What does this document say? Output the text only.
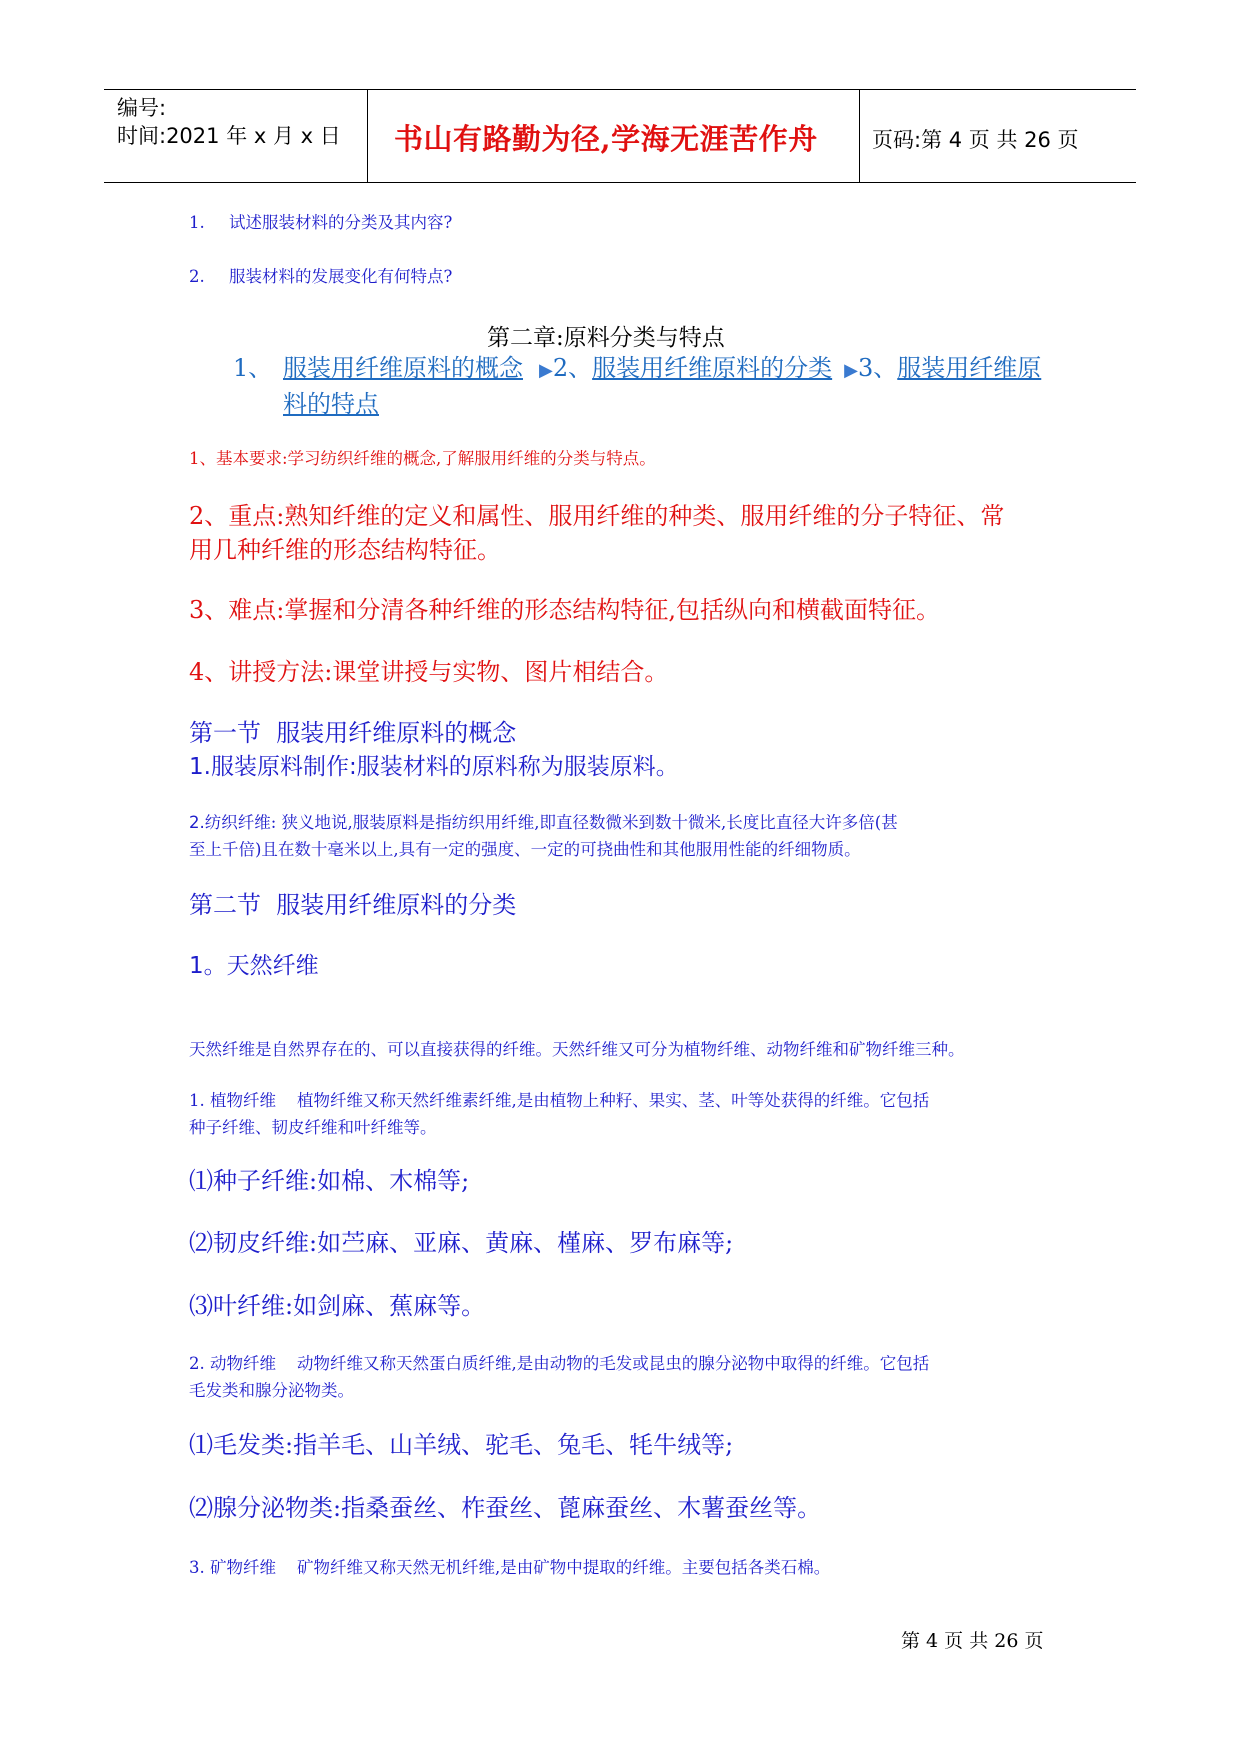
编号:
时间:2021 年 x 月 x 日 书山有路勤为径,学海无涯苦作舟	页码:第 4 页 共 26 页
1. 试述服装材料的分类及其内容?
2. 服装材料的发展变化有何特点?
第二章:原料分类与特点
1、 服装用纤维原料的概念 ▶2、服装用纤维原料的分类 ▶3、服装用纤维原
料的特点
1、基本要求:学习纺织纤维的概念,了解服用纤维的分类与特点。
2、重点:熟知纤维的定义和属性、服用纤维的种类、服用纤维的分子特征、常
用几种纤维的形态结构特征。
3、难点:掌握和分清各种纤维的形态结构特征,包括纵向和横截面特征。
4、讲授方法:课堂讲授与实物、图片相结合。
第一节  服装用纤维原料的概念
1.服装原料制作:服装材料的原料称为服装原料。
2.纺织纤维: 狭义地说,服装原料是指纺织用纤维,即直径数微米到数十微米,长度比直径大许多倍(甚
至上千倍)且在数十毫米以上,具有一定的强度、一定的可挠曲性和其他服用性能的纤细物质。
第二节  服装用纤维原料的分类
1。天然纤维
天然纤维是自然界存在的、可以直接获得的纤维。天然纤维又可分为植物纤维、动物纤维和矿物纤维三种。
1. 植物纤维    植物纤维又称天然纤维素纤维,是由植物上种籽、果实、茎、叶等处获得的纤维。它包括
种子纤维、韧皮纤维和叶纤维等。
⑴种子纤维:如棉、木棉等;
⑵韧皮纤维:如苎麻、亚麻、黄麻、槿麻、罗布麻等;
⑶叶纤维:如剑麻、蕉麻等。
2. 动物纤维    动物纤维又称天然蛋白质纤维,是由动物的毛发或昆虫的腺分泌物中取得的纤维。它包括
毛发类和腺分泌物类。
⑴毛发类:指羊毛、山羊绒、驼毛、兔毛、牦牛绒等;
⑵腺分泌物类:指桑蚕丝、柞蚕丝、蓖麻蚕丝、木薯蚕丝等。
3. 矿物纤维    矿物纤维又称天然无机纤维,是由矿物中提取的纤维。主要包括各类石棉。
第 4 页 共 26 页
